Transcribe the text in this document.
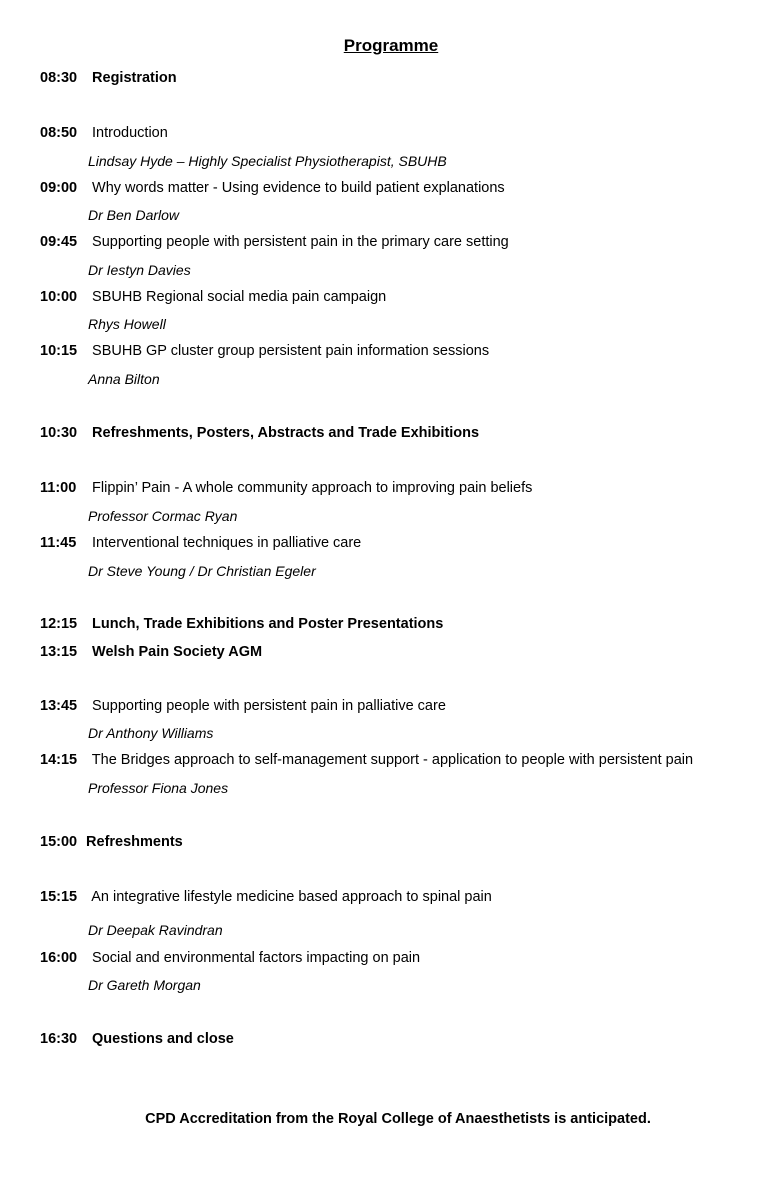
Programme
08:30 Registration
08:50 Introduction
Lindsay Hyde – Highly Specialist Physiotherapist, SBUHB
09:00 Why words matter - Using evidence to build patient explanations
Dr Ben Darlow
09:45 Supporting people with persistent pain in the primary care setting
Dr Iestyn Davies
10:00 SBUHB Regional social media pain campaign
Rhys Howell
10:15 SBUHB GP cluster group persistent pain information sessions
Anna Bilton
10:30 Refreshments, Posters, Abstracts and Trade Exhibitions
11:00 Flippin’ Pain - A whole community approach to improving pain beliefs
Professor Cormac Ryan
11:45 Interventional techniques in palliative care
Dr Steve Young / Dr Christian Egeler
12:15 Lunch, Trade Exhibitions and Poster Presentations
13:15 Welsh Pain Society AGM
13:45 Supporting people with persistent pain in palliative care
Dr Anthony Williams
14:15 The Bridges approach to self-management support - application to people with persistent pain
Professor Fiona Jones
15:00 Refreshments
15:15 An integrative lifestyle medicine based approach to spinal pain
Dr Deepak Ravindran
16:00 Social and environmental factors impacting on pain
Dr Gareth Morgan
16:30 Questions and close
CPD Accreditation from the Royal College of Anaesthetists is anticipated.
